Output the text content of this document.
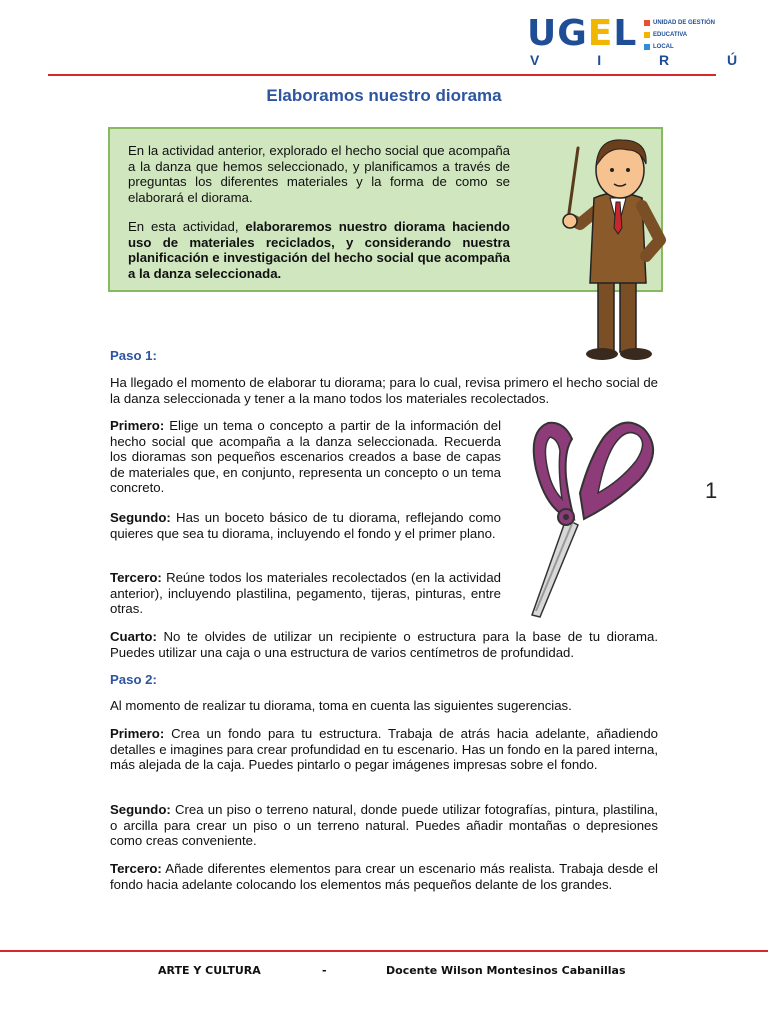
UGEL
V I R Ú
UNIDAD DE GESTIÓN
EDUCATIVA
LOCAL
Elaboramos nuestro diorama

En la actividad anterior, explorado el hecho social que acompaña a la danza que hemos seleccionado, y planificamos a través de preguntas los diferentes materiales y la forma de como se elaborará el diorama.

En esta actividad, elaboraremos nuestro diorama haciendo uso de materiales reciclados, y considerando nuestra planificación e investigación del hecho social que acompaña a la danza seleccionada.

Paso 1:

Ha llegado el momento de elaborar tu diorama; para lo cual, revisa primero el hecho social de la danza seleccionada y tener a la mano todos los materiales recolectados.

Primero: Elige un tema o concepto a partir de la información del hecho social que acompaña a la danza seleccionada. Recuerda los dioramas son pequeños escenarios creados a base de capas de materiales que, en conjunto, representa un concepto o un tema concreto.

Segundo: Has un boceto básico de tu diorama, reflejando como quieres que sea tu diorama, incluyendo el fondo y el primer plano.

Tercero: Reúne todos los materiales recolectados (en la actividad anterior), incluyendo plastilina, pegamento, tijeras, pinturas, entre otras.

Cuarto: No te olvides de utilizar un recipiente o estructura para la base de tu diorama. Puedes utilizar una caja o una estructura de varios centímetros de profundidad.

1

Paso 2:

Al momento de realizar tu diorama, toma en cuenta las siguientes sugerencias.

Primero: Crea un fondo para tu estructura. Trabaja de atrás hacia adelante, añadiendo detalles e imagines para crear profundidad en tu escenario. Has un fondo en la pared interna, más alejada de la caja. Puedes pintarlo o pegar imágenes impresas sobre el fondo.

Segundo: Crea un piso o terreno natural, donde puede utilizar fotografías, pintura, plastilina, o arcilla para crear un piso o un terreno natural. Puedes añadir montañas o depresiones como creas conveniente.

Tercero: Añade diferentes elementos para crear un escenario más realista. Trabaja desde el fondo hacia adelante colocando los elementos más pequeños delante de los grandes.

ARTE Y CULTURA	-	Docente Wilson Montesinos Cabanillas
